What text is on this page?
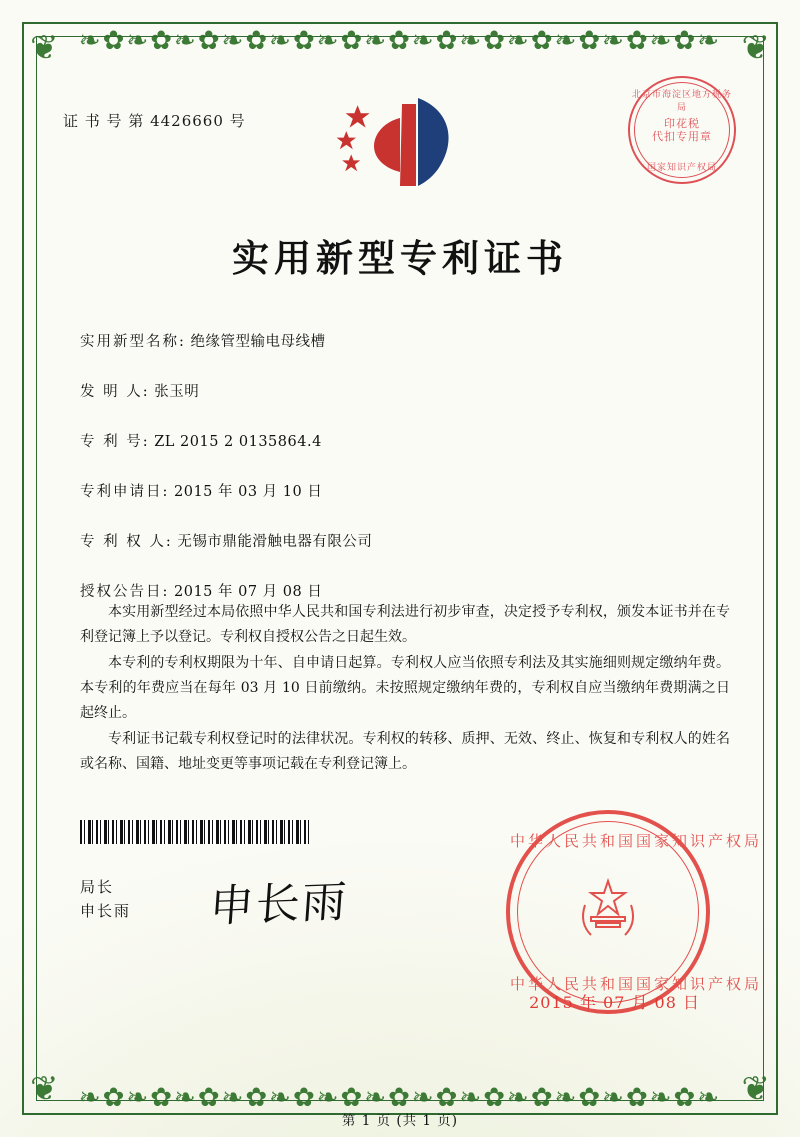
❧✿❧✿❧✿❧✿❧✿❧✿❧✿❧✿❧✿❧✿❧✿❧✿❧✿❧
❧✿❧✿❧✿❧✿❧✿❧✿❧✿❧✿❧✿❧✿❧✿❧✿❧✿❧
❦	❦
❦	❦
证 书 号 第 4426660 号
北京市海淀区地方税务局
印花税
代扣专用章
国家知识产权局
实用新型专利证书
实用新型名称: 绝缘管型输电母线槽
发 明 人: 张玉明
专 利 号: ZL 2015 2 0135864.4
专利申请日: 2015 年 03 月 10 日
专 利 权 人: 无锡市鼎能滑触电器有限公司
授权公告日: 2015 年 07 月 08 日

本实用新型经过本局依照中华人民共和国专利法进行初步审查，决定授予专利权，颁发本证书并在专利登记簿上予以登记。专利权自授权公告之日起生效。

本专利的专利权期限为十年、自申请日起算。专利权人应当依照专利法及其实施细则规定缴纳年费。本专利的年费应当在每年 03 月 10 日前缴纳。未按照规定缴纳年费的，专利权自应当缴纳年费期满之日起终止。

专利证书记载专利权登记时的法律状况。专利权的转移、质押、无效、终止、恢复和专利权人的姓名或名称、国籍、地址变更等事项记载在专利登记簿上。

局长
申长雨 申长雨
中华人民共和国国家知识产权局
中华人民共和国国家知识产权局
2015 年 07 月 08 日
第 1 页 (共 1 页)
